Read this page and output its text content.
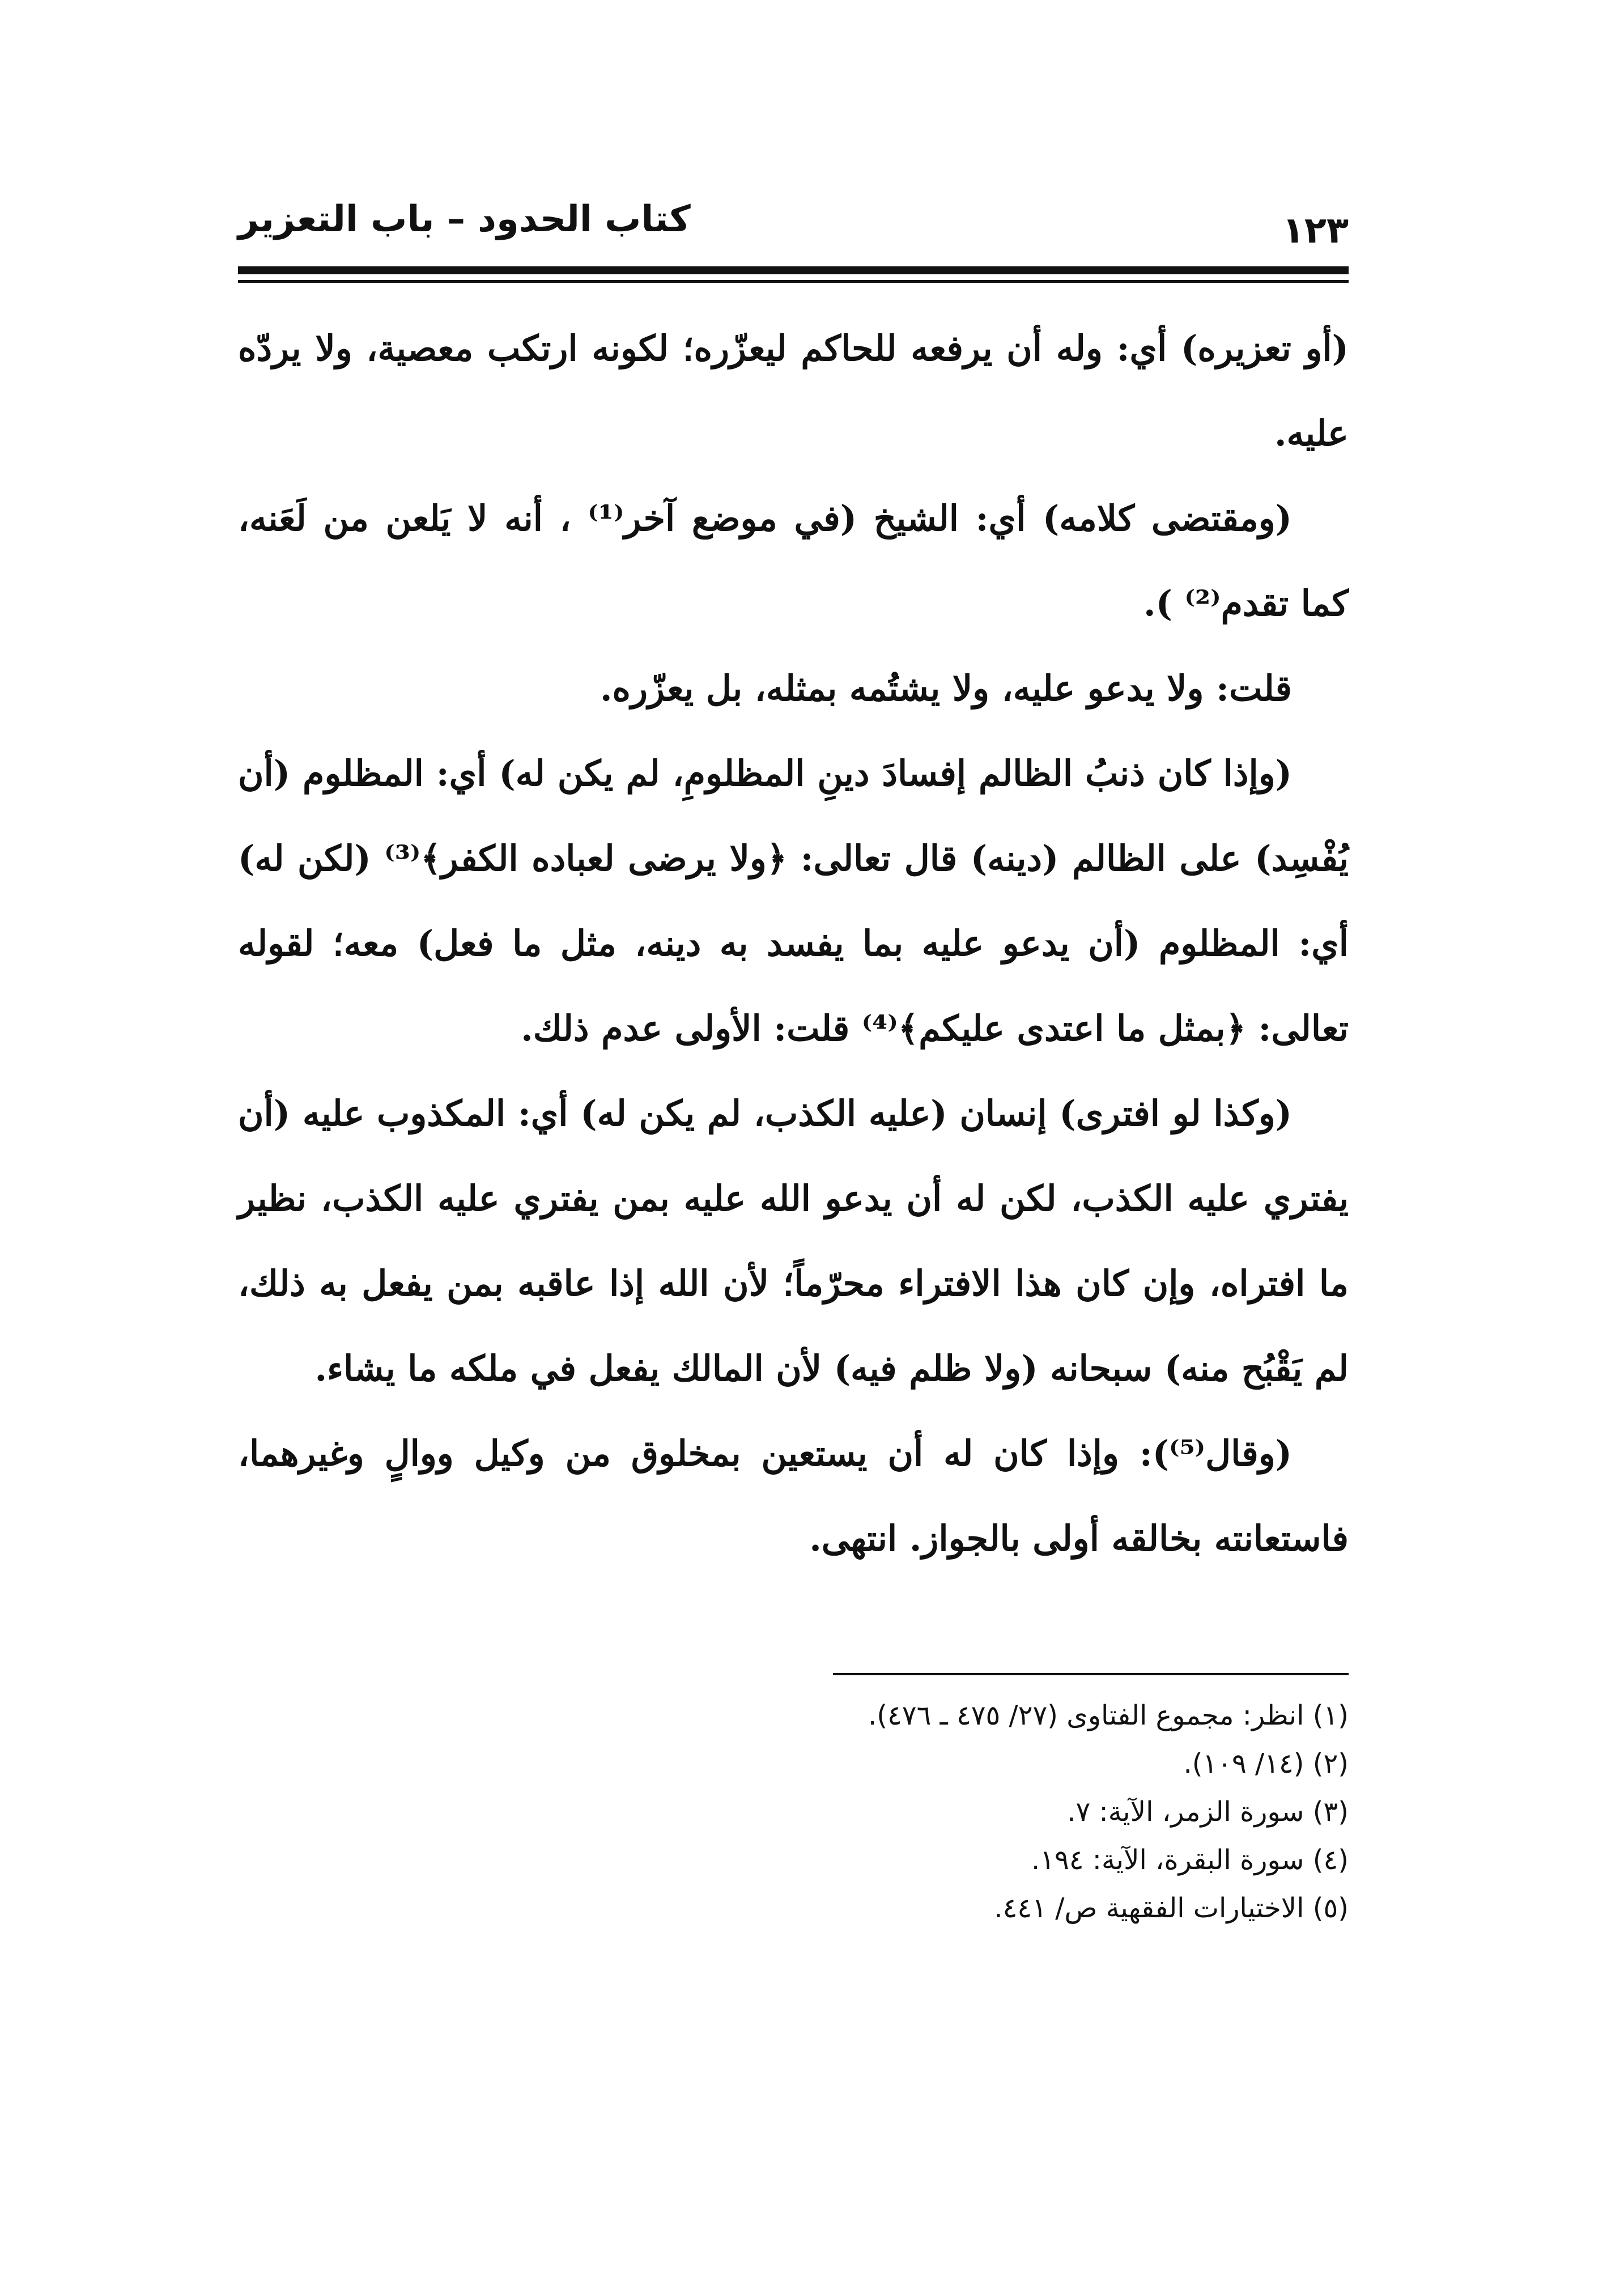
كتاب الحدود – باب التعزير	١٢٣

(أو تعزيره) أي: وله أن يرفعه للحاكم ليعزّره؛ لكونه ارتكب معصية، ولا يردّه عليه.

(ومقتضى كلامه) أي: الشيخ (في موضع آخر⁽¹⁾ ، أنه لا يَلعن من لَعَنه، كما تقدم⁽²⁾ ).

قلت: ولا يدعو عليه، ولا يشتُمه بمثله، بل يعزّره.

(وإذا كان ذنبُ الظالم إفسادَ دينِ المظلومِ، لم يكن له) أي: المظلوم (أن يُفْسِد) على الظالم (دينه) قال تعالى: ﴿ولا يرضى لعباده الكفر﴾⁽³⁾ (لكن له) أي: المظلوم (أن يدعو عليه بما يفسد به دينه، مثل ما فعل) معه؛ لقوله تعالى: ﴿بمثل ما اعتدى عليكم﴾⁽⁴⁾ قلت: الأولى عدم ذلك.

(وكذا لو افترى) إنسان (عليه الكذب، لم يكن له) أي: المكذوب عليه (أن يفتري عليه الكذب، لكن له أن يدعو الله عليه بمن يفتري عليه الكذب، نظير ما افتراه، وإن كان هذا الافتراء محرّماً؛ لأن الله إذا عاقبه بمن يفعل به ذلك، لم يَقْبُح منه) سبحانه (ولا ظلم فيه) لأن المالك يفعل في ملكه ما يشاء.

(وقال⁽⁵⁾): وإذا كان له أن يستعين بمخلوق من وكيل ووالٍ وغيرهما، فاستعانته بخالقه أولى بالجواز. انتهى.

(١) انظر: مجموع الفتاوى (٢٧/ ٤٧٥ ـ ٤٧٦).
(٢) (١٤/ ١٠٩).
(٣) سورة الزمر، الآية: ٧.
(٤) سورة البقرة، الآية: ١٩٤.
(٥) الاختيارات الفقهية ص/ ٤٤١.
